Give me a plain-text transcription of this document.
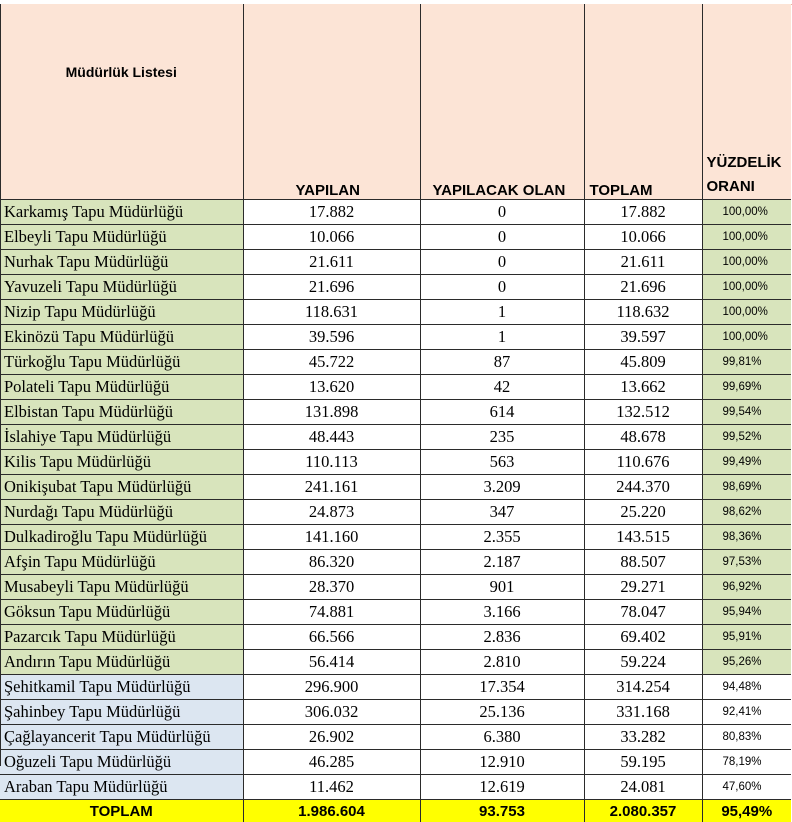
Müdürlük Listesi	YAPILAN	YAPILACAK OLAN	TOPLAM	YÜZDELİK ORANI
Karkamış Tapu Müdürlüğü	17.882	0	17.882	100,00%
Elbeyli Tapu Müdürlüğü	10.066	0	10.066	100,00%
Nurhak Tapu Müdürlüğü	21.611	0	21.611	100,00%
Yavuzeli Tapu Müdürlüğü	21.696	0	21.696	100,00%
Nizip Tapu Müdürlüğü	118.631	1	118.632	100,00%
Ekinözü Tapu Müdürlüğü	39.596	1	39.597	100,00%
Türkoğlu Tapu Müdürlüğü	45.722	87	45.809	99,81%
Polateli Tapu Müdürlüğü	13.620	42	13.662	99,69%
Elbistan Tapu Müdürlüğü	131.898	614	132.512	99,54%
İslahiye Tapu Müdürlüğü	48.443	235	48.678	99,52%
Kilis Tapu Müdürlüğü	110.113	563	110.676	99,49%
Onikişubat Tapu Müdürlüğü	241.161	3.209	244.370	98,69%
Nurdağı Tapu Müdürlüğü	24.873	347	25.220	98,62%
Dulkadiroğlu Tapu Müdürlüğü	141.160	2.355	143.515	98,36%
Afşin Tapu Müdürlüğü	86.320	2.187	88.507	97,53%
Musabeyli Tapu Müdürlüğü	28.370	901	29.271	96,92%
Göksun Tapu Müdürlüğü	74.881	3.166	78.047	95,94%
Pazarcık Tapu Müdürlüğü	66.566	2.836	69.402	95,91%
Andırın Tapu Müdürlüğü	56.414	2.810	59.224	95,26%
Şehitkamil Tapu Müdürlüğü	296.900	17.354	314.254	94,48%
Şahinbey Tapu Müdürlüğü	306.032	25.136	331.168	92,41%
Çağlayancerit Tapu Müdürlüğü	26.902	6.380	33.282	80,83%
Oğuzeli Tapu Müdürlüğü	46.285	12.910	59.195	78,19%
Araban Tapu Müdürlüğü	11.462	12.619	24.081	47,60%
TOPLAM	1.986.604	93.753	2.080.357	95,49%
